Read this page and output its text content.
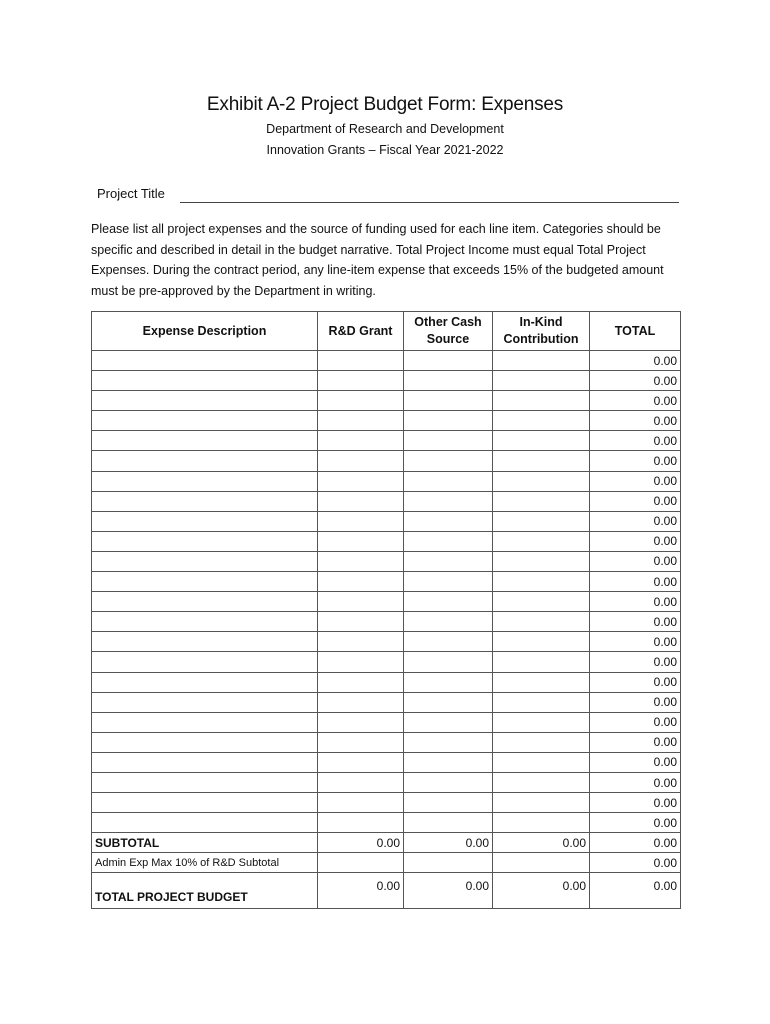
Exhibit A-2 Project Budget Form: Expenses
Department of Research and Development
Innovation Grants – Fiscal Year 2021-2022
Project Title
Please list all project expenses and the source of funding used for each line item. Categories should be specific and described in detail in the budget narrative. Total Project Income must equal Total Project Expenses. During the contract period, any line-item expense that exceeds 15% of the budgeted amount must be pre-approved by the Department in writing.
Expense Description	R&D Grant	Other Cash Source	In-Kind Contribution	TOTAL
				0.00
				0.00
				0.00
				0.00
				0.00
				0.00
				0.00
				0.00
				0.00
				0.00
				0.00
				0.00
				0.00
				0.00
				0.00
				0.00
				0.00
				0.00
				0.00
				0.00
				0.00
				0.00
				0.00
				0.00
SUBTOTAL	0.00	0.00	0.00	0.00
Admin Exp Max 10% of R&D Subtotal				0.00
TOTAL PROJECT BUDGET	0.00	0.00	0.00	0.00
